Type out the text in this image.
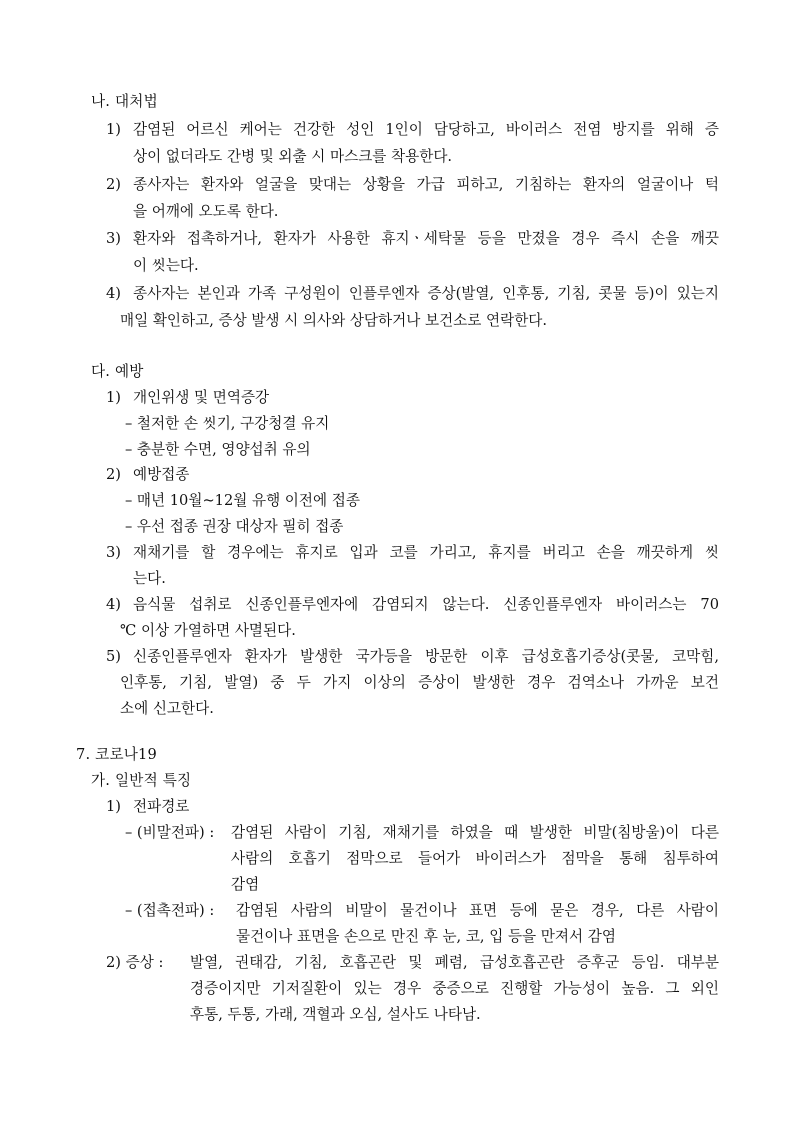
나. 대처법
1) 감염된 어르신 케어는 건강한 성인 1인이 담당하고, 바이러스 전염 방지를 위해 증
상이 없더라도 간병 및 외출 시 마스크를 착용한다.
2) 종사자는 환자와 얼굴을 맞대는 상황을 가급 피하고, 기침하는 환자의 얼굴이나 턱
을 어깨에 오도록 한다.
3) 환자와 접촉하거나, 환자가 사용한 휴지ㆍ세탁물 등을 만졌을 경우 즉시 손을 깨끗
이 씻는다.
4) 종사자는 본인과 가족 구성원이 인플루엔자 증상(발열, 인후통, 기침, 콧물 등)이 있는지
매일 확인하고, 증상 발생 시 의사와 상담하거나 보건소로 연락한다.
다. 예방
1) 개인위생 및 면역증강
– 철저한 손 씻기, 구강청결 유지
– 충분한 수면, 영양섭취 유의
2) 예방접종
– 매년 10월~12월 유행 이전에 접종
– 우선 접종 권장 대상자 필히 접종
3) 재채기를 할 경우에는 휴지로 입과 코를 가리고, 휴지를 버리고 손을 깨끗하게 씻
는다.
4) 음식물 섭취로 신종인플루엔자에 감염되지 않는다. 신종인플루엔자 바이러스는 70
℃ 이상 가열하면 사멸된다.
5) 신종인플루엔자 환자가 발생한 국가등을 방문한 이후 급성호흡기증상(콧물, 코막힘,
인후통, 기침, 발열) 중 두 가지 이상의 증상이 발생한 경우 검역소나 가까운 보건
소에 신고한다.
7. 코로나19
가. 일반적 특징
1) 전파경로
– (비말전파) : 감염된 사람이 기침, 재채기를 하였을 때 발생한 비말(침방울)이 다른
사람의 호흡기 점막으로 들어가 바이러스가 점막을 통해 침투하여
감염
– (접촉전파) : 감염된 사람의 비말이 물건이나 표면 등에 묻은 경우, 다른 사람이
물건이나 표면을 손으로 만진 후 눈, 코, 입 등을 만져서 감염
2) 증상 : 발열, 권태감, 기침, 호흡곤란 및 폐렴, 급성호흡곤란 증후군 등임. 대부분
경증이지만 기저질환이 있는 경우 중증으로 진행할 가능성이 높음. 그 외인
후통, 두통, 가래, 객혈과 오심, 설사도 나타남.
